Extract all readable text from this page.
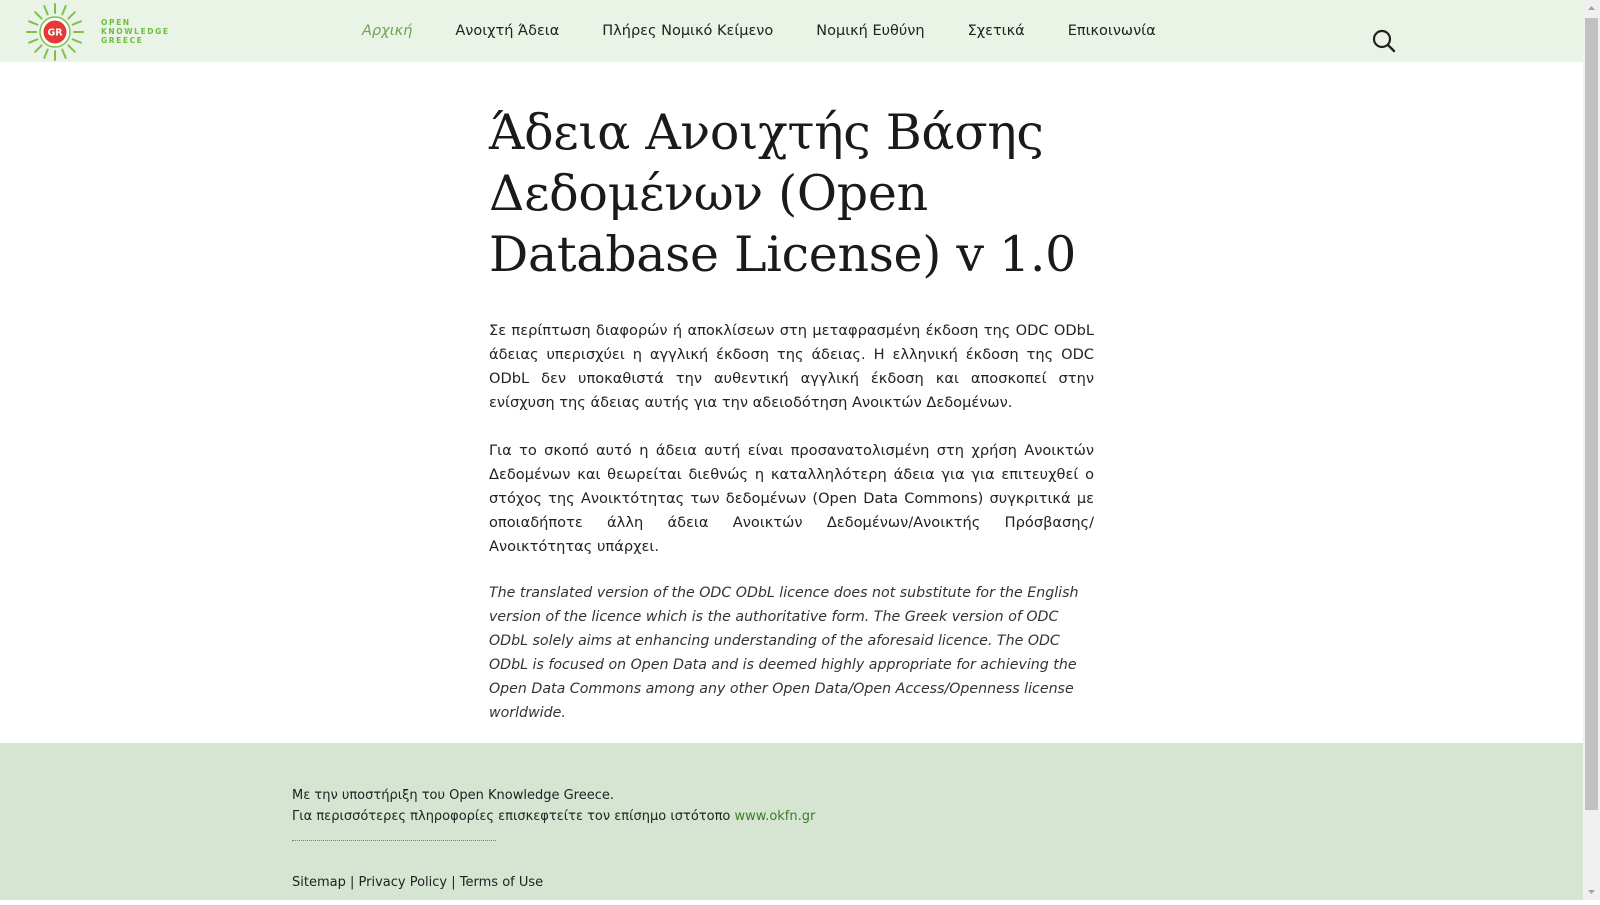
GR
OPEN
KNOWLEDGE
GREECE
Αρχική	Ανοιχτή Άδεια	Πλήρες Νομικό Κείμενο	Νομική Ευθύνη	Σχετικά	Επικοινωνία
Άδεια Ανοιχτής Βάσης Δεδομένων (Open Database License) v 1.0

Σε περίπτωση διαφορών ή αποκλίσεων στη μεταφρασμένη έκδοση της ODC ODbL άδειας υπερισχύει η αγγλική έκδοση της άδειας. Η ελληνική έκδοση της ODC ODbL δεν υποκαθιστά την αυθεντική αγγλική έκδοση και αποσκοπεί στην ενίσχυση της άδειας αυτής για την αδειοδότηση Ανοικτών Δεδομένων.

Για το σκοπό αυτό η άδεια αυτή είναι προσανατολισμένη στη χρήση Ανοικτών Δεδομένων και θεωρείται διεθνώς η καταλληλότερη άδεια για για επιτευχθεί ο στόχος της Ανοικτότητας των δεδομένων (Open Data Commons) συγκριτικά με οποιαδήποτε άλλη άδεια Ανοικτών Δεδομένων/Ανοικτής Πρόσβασης/Ανοικτότητας υπάρχει.

The translated version of the ODC ODbL licence does not substitute for the English version of the licence which is the authoritative form. The Greek version of ODC ODbL solely aims at enhancing understanding of the aforesaid licence. The ODC ODbL is focused on Open Data and is deemed highly appropriate for achieving the Open Data Commons among any other Open Data/Open Access/Openness license worldwide.

Με την υποστήριξη του Open Knowledge Greece.
Για περισσότερες πληροφορίες επισκεφτείτε τον επίσημο ιστότοπο www.okfn.gr
Sitemap | Privacy Policy | Terms of Use
